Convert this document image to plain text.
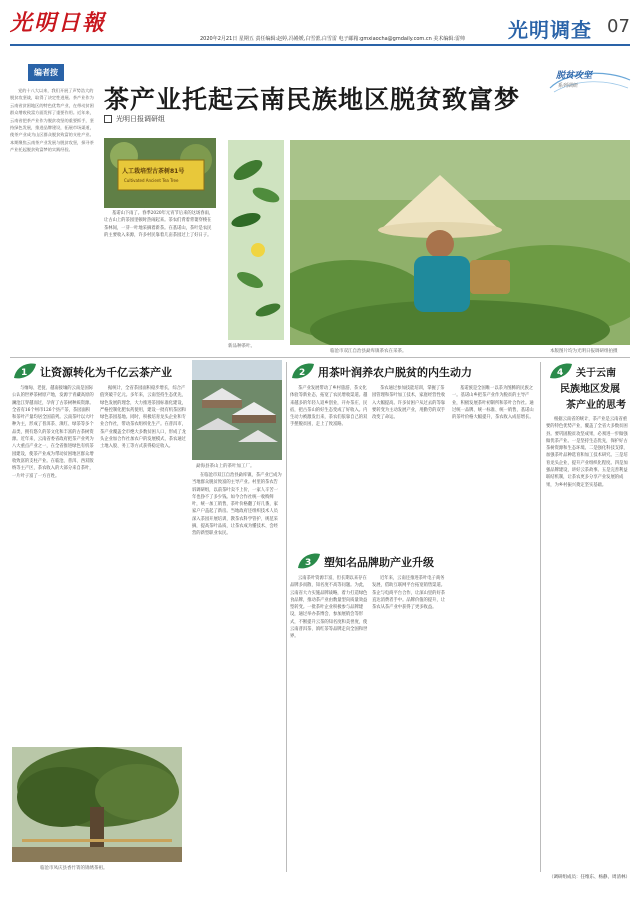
光明日報
2020年2月21日 星期五 责任编辑:赵婷,冯嫚媛,白雪蕾,白雪雷 电子邮箱:gmxiaocha@gmdaily.com.cn 美术编辑:雷帅 光明调查 07
编者按
党的十八大以来，我们开展了声势浩大的脱贫攻坚战，取得了决定性进展。茶产业作为云南省贫困地区的特色优势产业，在带动贫困群众增收致富方面发挥了重要作用。近年来，云南省把茶产业作为脱贫攻坚的重要抓手，坚持绿色发展，推进品牌建设，拓展市场渠道，使茶产业成为山区群众脱贫致富的支柱产业。本期聚焦云南茶产业发展与脱贫攻坚，探寻茶产业托起脱贫致富梦的实践经验。
茶产业托起云南民族地区脱贫致富梦
光明日报调研组
脱贫攻坚
系列调研
人工栽培型古茶树81号
Cultivated Ancient Tea Tree
新品种茶叶。
临沧市双江自治县勐库镇茶农在采茶。	本版图片均为光明日报调研组拍摄
基诺山下雨了。春季2020年元宵节后来的这场春雨，让古山上的茶园里顿时热闹起来。茶农们背着背篓穿梭在茶林间，一芽一叶地采摘着新茶。在基诺山，茶叶是农民的主要收入来源，许多村民靠着几亩茶园过上了好日子。
1 让资源转化为千亿云茶产业
与缅甸、老挝、越南接壤的云南是国际公认的世界茶树原产地，发源于青藏高原的澜沧江穿越而过，孕育了古茶树种质资源。全省有16个州市126个县产茶，茶园面积和茶叶产量均居全国前列。云南茶叶以大叶种为主，形成了普洱茶、滇红、绿茶等多个品类，拥有悠久的茶文化和丰富的古茶树资源。近年来，云南省委省政府把茶产业列为八大重点产业之一，在全省推进绿色有机茶园建设，使茶产业成为带动贫困地区群众增收致富的支柱产业。在临沧、普洱、西双版纳等主产区，茶农收入的大部分来自茶叶，一片叶子富了一方百姓。
勐海县茶山上的茶叶加工厂。
据统计，全省茶园面积稳步增长，综合产值突破千亿元。多年来，云南坚持生态优先、绿色发展的理念，大力推进茶园标准化建设，严格控制化肥农药使用，建设一批有机茶园和绿色茶园基地。同时，积极培育龙头企业和专业合作社，带动茶农组织化生产。在普洱市，茶产业覆盖全市绝大多数贫困人口，形成了龙头企业加合作社加农户的发展模式，茶农通过土地入股、务工等方式获得稳定收入。
在临沧市双江自治县勐库镇，茶产业已成为当地群众脱贫致富的主导产业。村里的茶农告诉调研组，以前茶叶卖不上价，一家人辛苦一年也挣不了多少钱。如今合作社统一收购鲜叶，统一加工销售，茶叶价格翻了好几番，家家户户盖起了新房。当地政府还组织技术人员深入茶园开展培训，教茶农科学管护、规范采摘，提高茶叶品质，让茶农成为懂技术、会经营的新型职业农民。
临沧市凤庆县香竹箐的锦绣茶祖。
2 用茶叶润养农户脱贫的内生动力
茶产业发展带动了乡村旅游、茶文化体验等新业态，拓宽了农民增收渠道。越来越多的年轻人返乡创业，开办茶庄、民宿，把古茶山的好生态变成了好收入。内生动力被激发出来，茶农们依靠自己的双手摆脱贫困，走上了致富路。
茶农通过参加技能培训，掌握了茶园管理和茶叶加工技术，家庭经营性收入大幅提高。许多贫困户从过去的等靠要转变为主动发展产业，用勤劳的双手改变了命运。
基诺族是全国唯一以茶为图腾的民族之一。基诺山乡把茶产业作为脱贫的主导产业，积极发展茶叶初制所和茶叶合作社。通过统一品牌、统一标准、统一销售，基诺山的茶叶价格大幅提升，茶农收入成倍增长。
3 塑知名品牌助产业升级
云南茶叶资源丰富，但长期以来存在品牌多而散、知名度不高等问题。为此，云南省大力实施品牌战略，着力打造绿色食品牌，推动茶产业由数量型向质量效益型转变。一批茶叶企业积极参与品牌建设，通过举办茶博会、参加展销会等形式，不断提升云茶的知名度和美誉度，使云南普洱茶、滇红茶等品牌走向全国和世界。
近年来，云南还推进茶叶电子商务发展，借助互联网平台拓宽销售渠道。茶企与电商平台合作，让深山里的好茶直达消费者手中。品牌价值的提升，让茶农从茶产业中获得了更多收益。
4 关于云南
民族地区发展
茶产业的思考
根据云南省的统计，茶产业是云南省重要的特色优势产业，覆盖了全省大多数贫困县。要巩固脱贫攻坚成果，必须进一步做强做优茶产业。一是坚持生态优先，保护好古茶树资源和生态环境。二是强化科技支撑，加强茶叶品种选育和加工技术研究。三是培育龙头企业，提升产业组织化程度。四是加强品牌建设，讲好云茶故事。五是完善利益联结机制，让茶农更多分享产业发展的成果，为乡村振兴奠定坚实基础。
（调研组成员：任维东、杨静、周清林）
